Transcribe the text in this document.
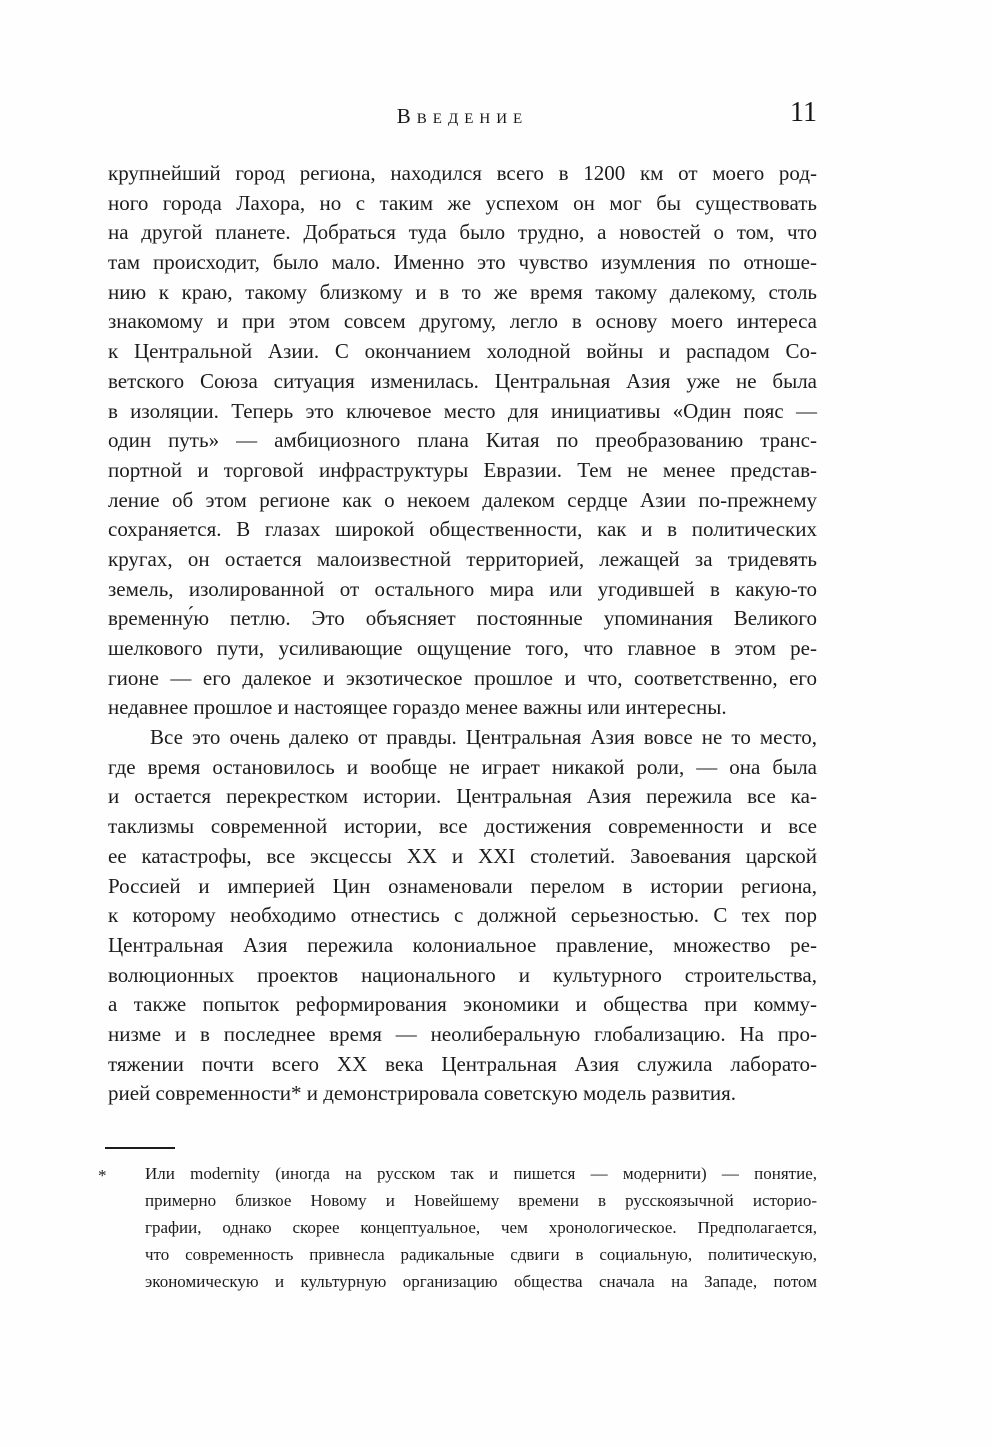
Введение	11
крупнейший город региона, находился всего в 1200 км от моего род-
ного города Лахора, но с таким же успехом он мог бы существовать
на другой планете. Добраться туда было трудно, а новостей о том, что
там происходит, было мало. Именно это чувство изумления по отноше-
нию к краю, такому близкому и в то же время такому далекому, столь
знакомому и при этом совсем другому, легло в основу моего интереса
к Центральной Азии. С окончанием холодной войны и распадом Со-
ветского Союза ситуация изменилась. Центральная Азия уже не была
в изоляции. Теперь это ключевое место для инициативы «Один пояс —
один путь» — амбициозного плана Китая по преобразованию транс-
портной и торговой инфраструктуры Евразии. Тем не менее представ-
ление об этом регионе как о некоем далеком сердце Азии по-прежнему
сохраняется. В глазах широкой общественности, как и в политических
кругах, он остается малоизвестной территорией, лежащей за тридевять
земель, изолированной от остального мира или угодившей в какую-то
временну́ю петлю. Это объясняет постоянные упоминания Великого
шелкового пути, усиливающие ощущение того, что главное в этом ре-
гионе — его далекое и экзотическое прошлое и что, соответственно, его
недавнее прошлое и настоящее гораздо менее важны или интересны.
Все это очень далеко от правды. Центральная Азия вовсе не то место,
где время остановилось и вообще не играет никакой роли, — она была
и остается перекрестком истории. Центральная Азия пережила все ка-
таклизмы современной истории, все достижения современности и все
ее катастрофы, все эксцессы XX и XXI столетий. Завоевания царской
Россией и империей Цин ознаменовали перелом в истории региона,
к которому необходимо отнестись с должной серьезностью. С тех пор
Центральная Азия пережила колониальное правление, множество ре-
волюционных проектов национального и культурного строительства,
а также попыток реформирования экономики и общества при комму-
низме и в последнее время — неолиберальную глобализацию. На про-
тяжении почти всего XX века Центральная Азия служила лаборато-
рией современности* и демонстрировала советскую модель развития.
* Или modernity (иногда на русском так и пишется — модернити) — понятие,
примерно близкое Новому и Новейшему времени в русскоязычной историо-
графии, однако скорее концептуальное, чем хронологическое. Предполагается,
что современность привнесла радикальные сдвиги в социальную, политическую,
экономическую и культурную организацию общества сначала на Западе, потом
